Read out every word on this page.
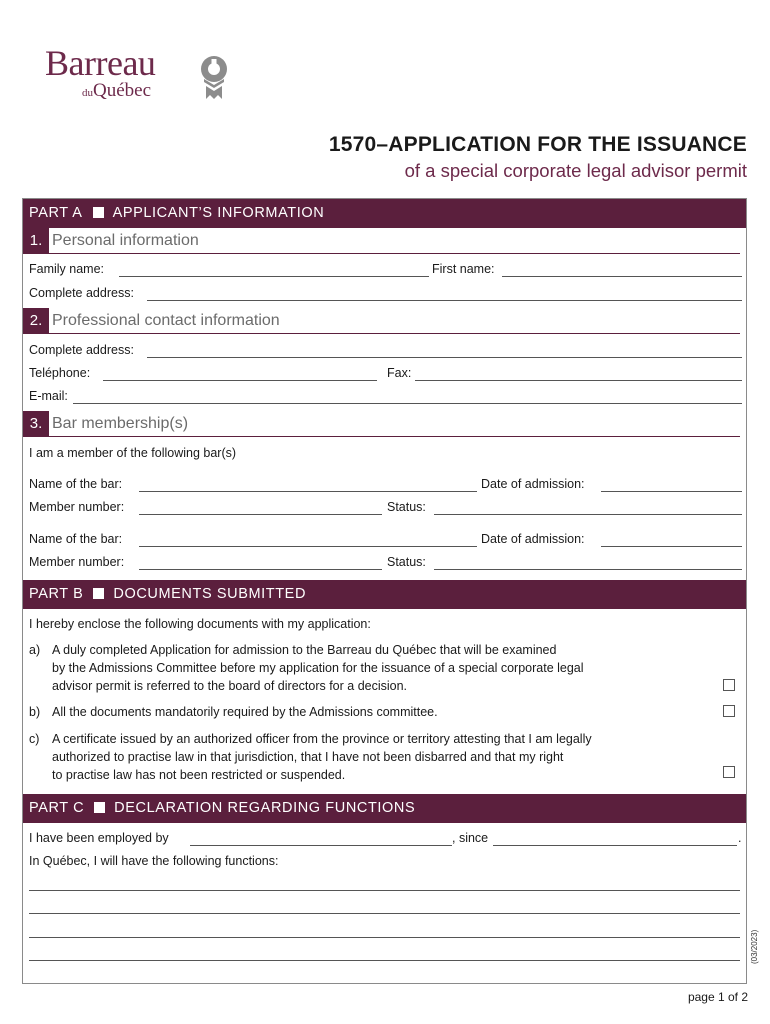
Barreau
duQuébec
1570–APPLICATION FOR THE ISSUANCE
of a special corporate legal advisor permit
PART A APPLICANT’S INFORMATION
1. Personal information
Family name:	First name:
Complete address:
2. Professional contact information
Complete address:
Teléphone:	Fax:
E-mail:
3. Bar membership(s)
I am a member of the following bar(s)
Name of the bar:	Date of admission:
Member number:	Status:
Name of the bar:	Date of admission:
Member number:	Status:
PART B DOCUMENTS SUBMITTED
I hereby enclose the following documents with my application:
a) A duly completed Application for admission to the Barreau du Québec that will be examined
by the Admissions Committee before my application for the issuance of a special corporate legal
advisor permit is referred to the board of directors for a decision.
b) All the documents mandatorily required by the Admissions committee.
c) A certificate issued by an authorized officer from the province or territory attesting that I am legally
authorized to practise law in that jurisdiction, that I have not been disbarred and that my right
to practise law has not been restricted or suspended.
PART C DECLARATION REGARDING FUNCTIONS
I have been employed by	, since	.
In Québec, I will have the following functions:
(03/2023)
page 1 of 2
